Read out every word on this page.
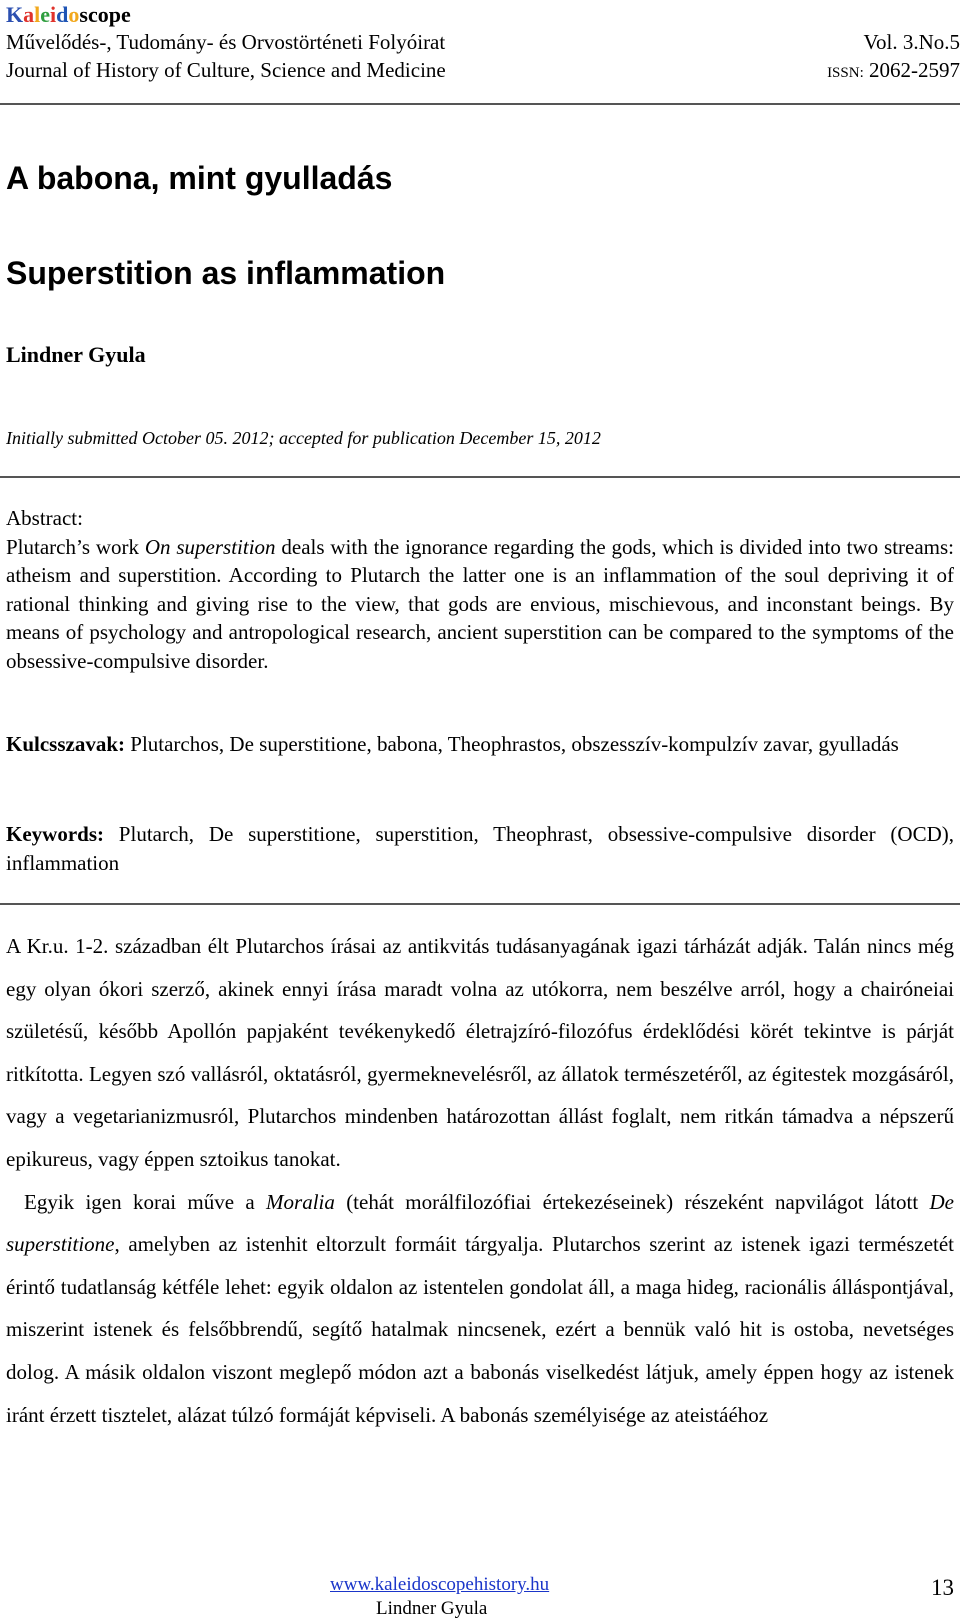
Kaleidoscope
Művelődés-, Tudomány- és Orvostörténeti Folyóirat	Vol. 3.No.5
Journal of History of Culture, Science and Medicine	ISSN: 2062-2597
A babona, mint gyulladás
Superstition as inflammation
Lindner Gyula
Initially submitted October 05. 2012; accepted for publication December 15, 2012
Abstract:
Plutarch’s work On superstition deals with the ignorance regarding the gods, which is divided into two streams: atheism and superstition. According to Plutarch the latter one is an inflammation of the soul depriving it of rational thinking and giving rise to the view, that gods are envious, mischievous, and inconstant beings. By means of psychology and antropological research, ancient superstition can be compared to the symptoms of the obsessive-compulsive disorder.
Kulcsszavak: Plutarchos, De superstitione, babona, Theophrastos, obszesszív-kompulzív zavar, gyulladás
Keywords: Plutarch, De superstitione, superstition, Theophrast, obsessive-compulsive disorder (OCD), inflammation

A Kr.u. 1-2. században élt Plutarchos írásai az antikvitás tudásanyagának igazi tárházát adják. Talán nincs még egy olyan ókori szerző, akinek ennyi írása maradt volna az utókorra, nem beszélve arról, hogy a chairóneiai születésű, később Apollón papjaként tevékenykedő életrajzíró-filozófus érdeklődési körét tekintve is párját ritkította. Legyen szó vallásról, oktatásról, gyermeknevelésről, az állatok természetéről, az égitestek mozgásáról, vagy a vegetarianizmusról, Plutarchos mindenben határozottan állást foglalt, nem ritkán támadva a népszerű epikureus, vagy éppen sztoikus tanokat.

Egyik igen korai műve a Moralia (tehát morálfilozófiai értekezéseinek) részeként napvilágot látott De superstitione, amelyben az istenhit eltorzult formáit tárgyalja. Plutarchos szerint az istenek igazi természetét érintő tudatlanság kétféle lehet: egyik oldalon az istentelen gondolat áll, a maga hideg, racionális álláspontjával, miszerint istenek és felsőbbrendű, segítő hatalmak nincsenek, ezért a bennük való hit is ostoba, nevetséges dolog. A másik oldalon viszont meglepő módon azt a babonás viselkedést látjuk, amely éppen hogy az istenek iránt érzett tisztelet, alázat túlzó formáját képviseli. A babonás személyisége az ateistáéhoz

www.kaleidoscopehistory.hu
Lindner Gyula
13
